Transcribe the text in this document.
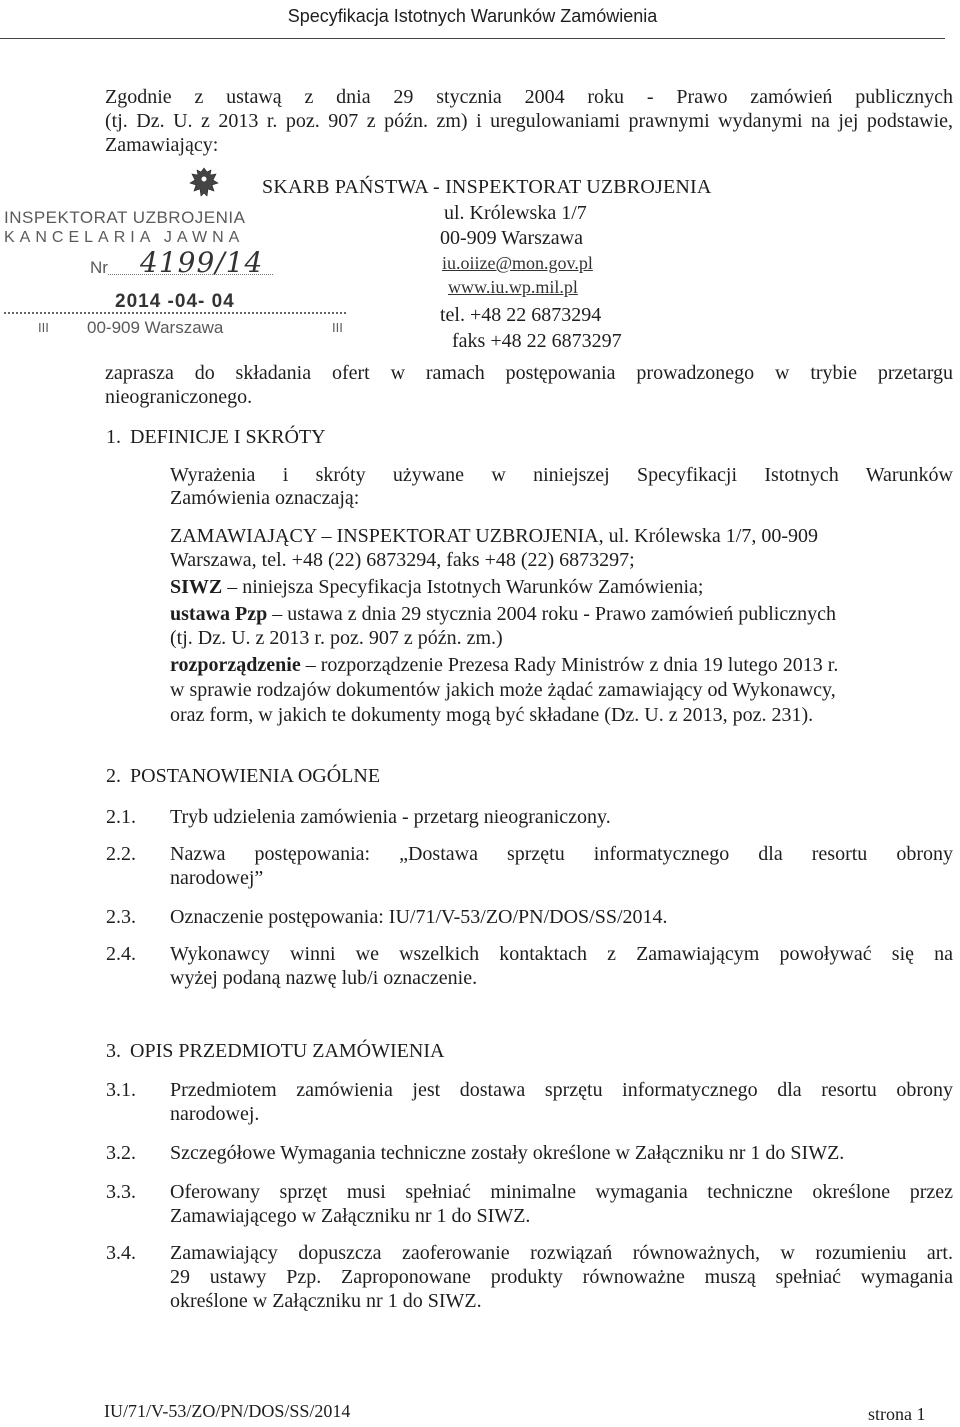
Specyfikacja Istotnych Warunków Zamówienia
Zgodnie z ustawą z dnia 29 stycznia 2004 roku - Prawo zamówień publicznych
(tj. Dz. U. z 2013 r. poz. 907 z późn. zm) i uregulowaniami prawnymi wydanymi na jej podstawie,
Zamawiający:
SKARB PAŃSTWA - INSPEKTORAT UZBROJENIA
ul. Królewska 1/7
00-909 Warszawa
iu.oiize@mon.gov.pl
www.iu.wp.mil.pl
tel. +48 22 6873294
faks +48 22 6873297
INSPEKTORAT UZBROJENIA
KANCELARIA JAWNA
Nr 4199/14
2014 -04- 04
III 00-909 Warszawa	III
zaprasza do składania ofert w ramach postępowania prowadzonego w trybie przetargu
nieograniczonego.
1. DEFINICJE I SKRÓTY
Wyrażenia i skróty używane w niniejszej Specyfikacji Istotnych Warunków
Zamówienia oznaczają:
ZAMAWIAJĄCY – INSPEKTORAT UZBROJENIA, ul. Królewska 1/7, 00-909
Warszawa, tel. +48 (22) 6873294, faks +48 (22) 6873297;
SIWZ – niniejsza Specyfikacja Istotnych Warunków Zamówienia;
ustawa Pzp – ustawa z dnia 29 stycznia 2004 roku - Prawo zamówień publicznych
(tj. Dz. U. z 2013 r. poz. 907 z późn. zm.)
rozporządzenie – rozporządzenie Prezesa Rady Ministrów z dnia 19 lutego 2013 r.
w sprawie rodzajów dokumentów jakich może żądać zamawiający od Wykonawcy,
oraz form, w jakich te dokumenty mogą być składane (Dz. U. z 2013, poz. 231).
2. POSTANOWIENIA OGÓLNE
2.1. Tryb udzielenia zamówienia - przetarg nieograniczony.
2.2. Nazwa postępowania: „Dostawa sprzętu informatycznego dla resortu obrony
narodowej”
2.3. Oznaczenie postępowania: IU/71/V-53/ZO/PN/DOS/SS/2014.
2.4. Wykonawcy winni we wszelkich kontaktach z Zamawiającym powoływać się na
wyżej podaną nazwę lub/i oznaczenie.
3. OPIS PRZEDMIOTU ZAMÓWIENIA
3.1. Przedmiotem zamówienia jest dostawa sprzętu informatycznego dla resortu obrony
narodowej.
3.2. Szczegółowe Wymagania techniczne zostały określone w Załączniku nr 1 do SIWZ.
3.3. Oferowany sprzęt musi spełniać minimalne wymagania techniczne określone przez
Zamawiającego w Załączniku nr 1 do SIWZ.
3.4. Zamawiający dopuszcza zaoferowanie rozwiązań równoważnych, w rozumieniu art.
29 ustawy Pzp. Zaproponowane produkty równoważne muszą spełniać wymagania
określone w Załączniku nr 1 do SIWZ.
IU/71/V-53/ZO/PN/DOS/SS/2014	strona 1
